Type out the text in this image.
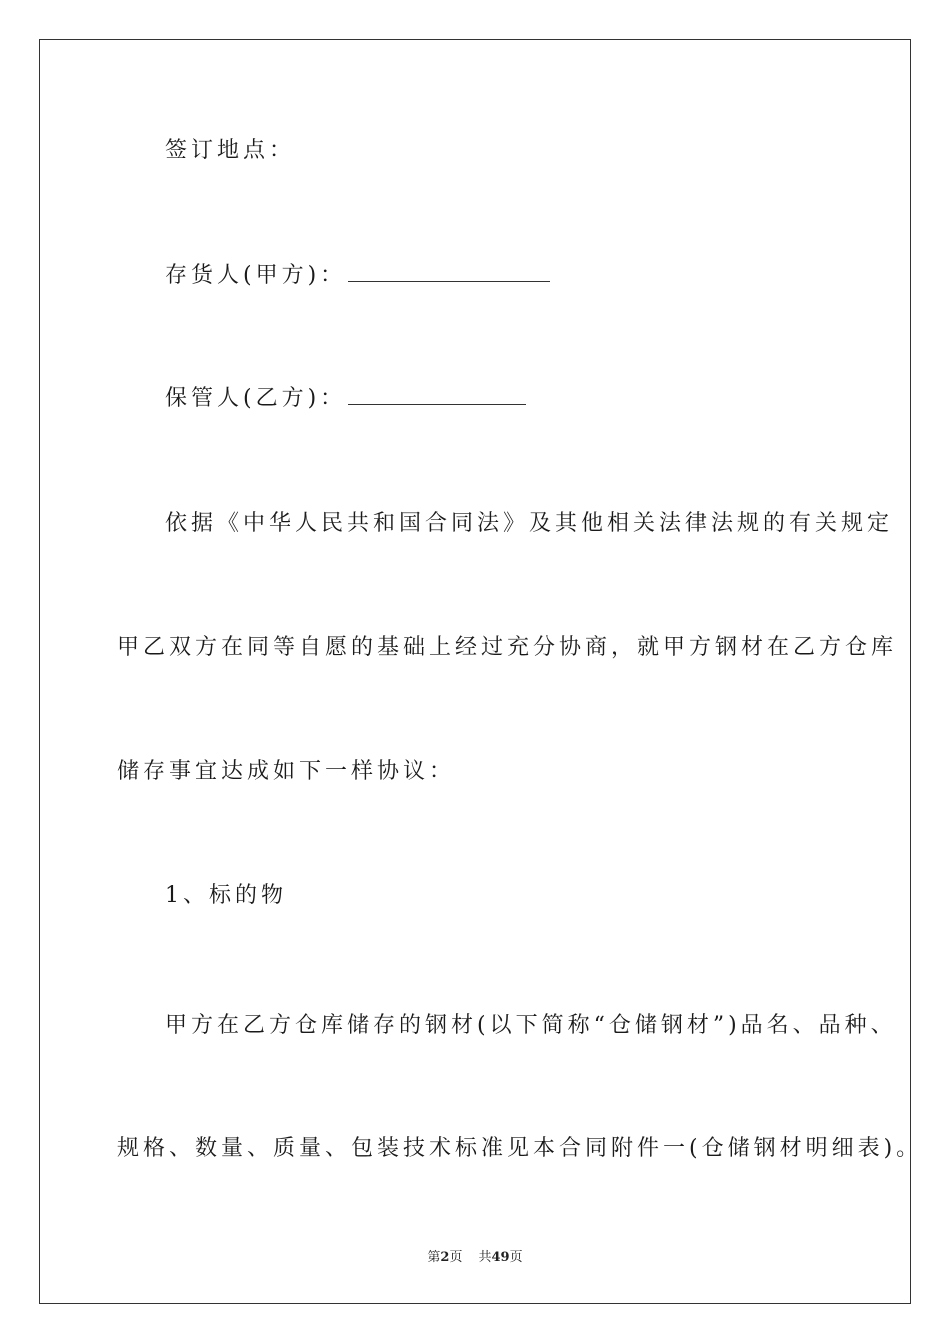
签订地点：
存货人(甲方)：
保管人(乙方)：
依据《中华人民共和国合同法》及其他相关法律法规的有关规定
甲乙双方在同等自愿的基础上经过充分协商，就甲方钢材在乙方仓库
储存事宜达成如下一样协议：
1、标的物
甲方在乙方仓库储存的钢材(以下简称“仓储钢材”)品名、品种、
规格、数量、质量、包装技术标准见本合同附件一(仓储钢材明细表)。
第2页 共49页
